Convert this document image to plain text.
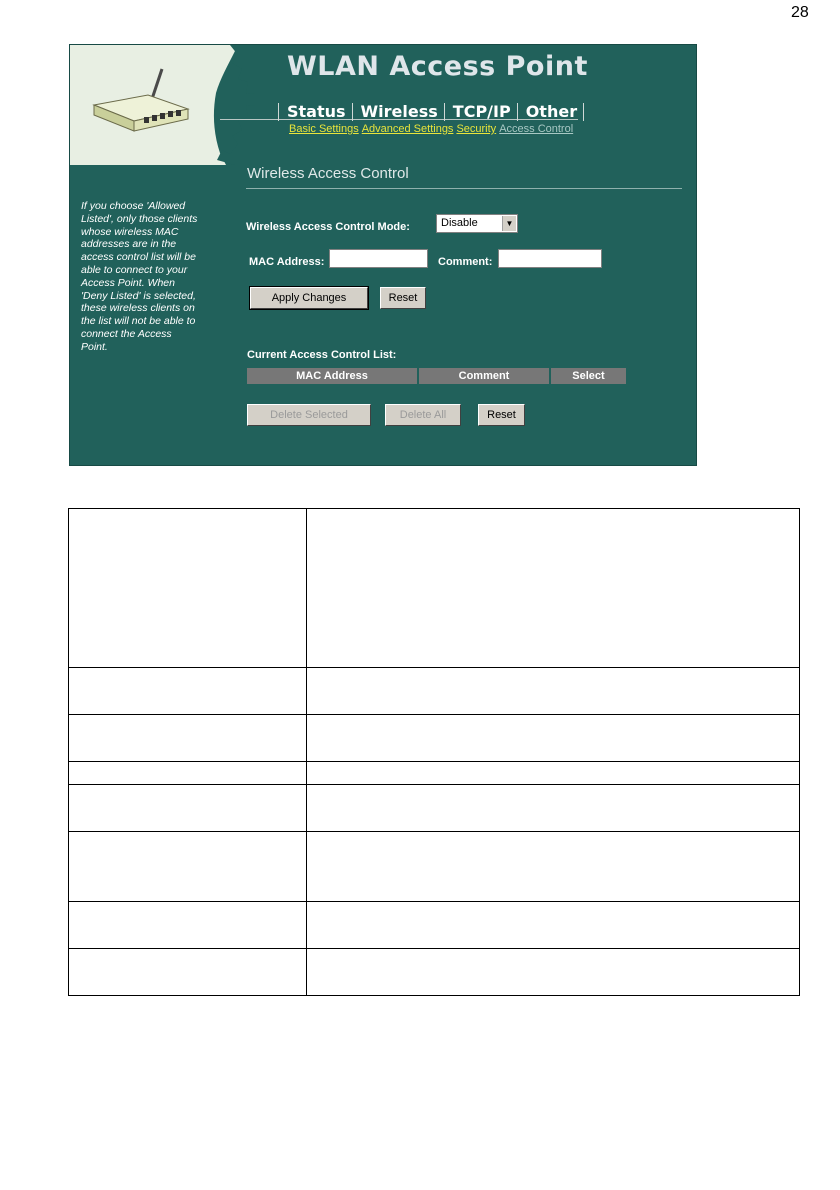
28
WLAN Access Point
Status Wireless TCP/IP Other
Basic Settings Advanced Settings Security Access Control
Wireless Access Control
If you choose 'Allowed Listed', only those clients whose wireless MAC addresses are in the access control list will be able to connect to your Access Point. When 'Deny Listed' is selected, these wireless clients on the list will not be able to connect the Access Point.
Wireless Access Control Mode:	Disable	▼
MAC Address:	Comment:
Apply Changes	Reset
Current Access Control List:
MAC Address	Comment	Select
Delete Selected	Delete All	Reset
